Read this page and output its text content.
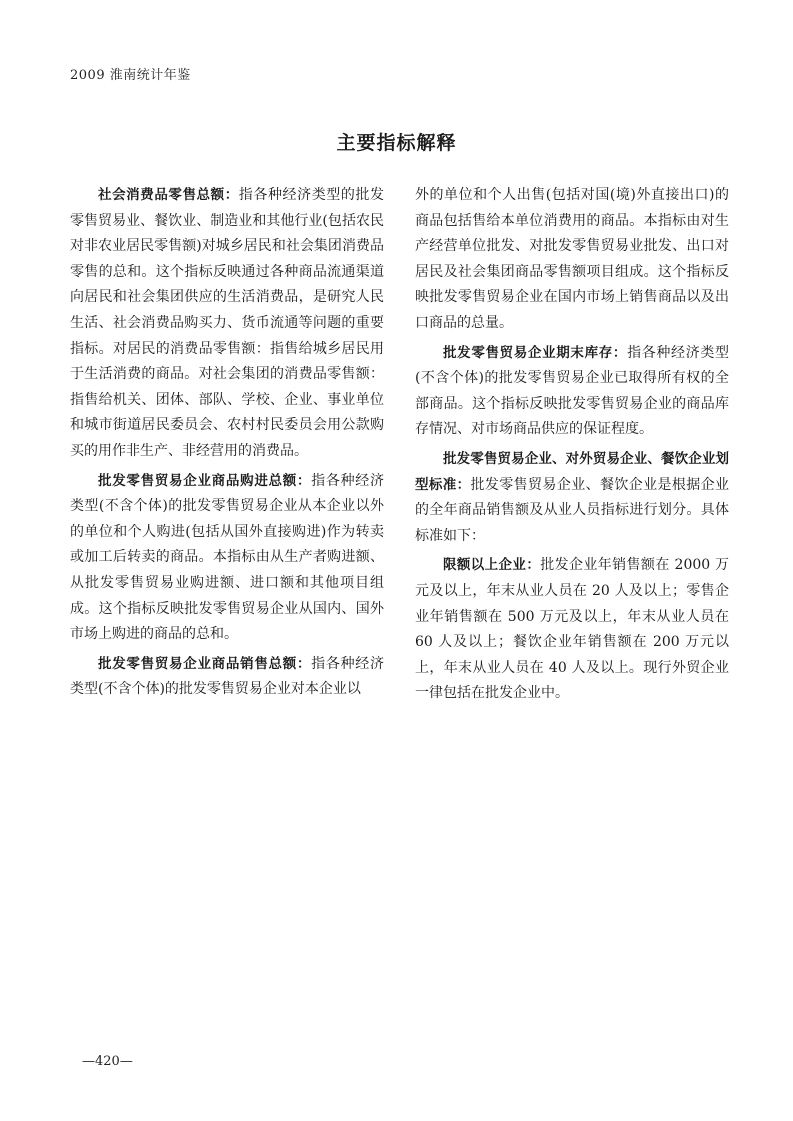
2009 淮南统计年鉴
主要指标解释

社会消费品零售总额：指各种经济类型的批发零售贸易业、餐饮业、制造业和其他行业(包括农民对非农业居民零售额)对城乡居民和社会集团消费品零售的总和。这个指标反映通过各种商品流通渠道向居民和社会集团供应的生活消费品，是研究人民生活、社会消费品购买力、货币流通等问题的重要指标。对居民的消费品零售额：指售给城乡居民用于生活消费的商品。对社会集团的消费品零售额：指售给机关、团体、部队、学校、企业、事业单位和城市街道居民委员会、农村村民委员会用公款购买的用作非生产、非经营用的消费品。

批发零售贸易企业商品购进总额：指各种经济类型(不含个体)的批发零售贸易企业从本企业以外的单位和个人购进(包括从国外直接购进)作为转卖或加工后转卖的商品。本指标由从生产者购进额、从批发零售贸易业购进额、进口额和其他项目组成。这个指标反映批发零售贸易企业从国内、国外市场上购进的商品的总和。

批发零售贸易企业商品销售总额：指各种经济类型(不含个体)的批发零售贸易企业对本企业以

外的单位和个人出售(包括对国(境)外直接出口)的商品包括售给本单位消费用的商品。本指标由对生产经营单位批发、对批发零售贸易业批发、出口对居民及社会集团商品零售额项目组成。这个指标反映批发零售贸易企业在国内市场上销售商品以及出口商品的总量。

批发零售贸易企业期末库存：指各种经济类型(不含个体)的批发零售贸易企业已取得所有权的全部商品。这个指标反映批发零售贸易企业的商品库存情况、对市场商品供应的保证程度。

批发零售贸易企业、对外贸易企业、餐饮企业划型标准：批发零售贸易企业、餐饮企业是根据企业的全年商品销售额及从业人员指标进行划分。具体标准如下：

限额以上企业：批发企业年销售额在 2000 万元及以上，年末从业人员在 20 人及以上；零售企业年销售额在 500 万元及以上，年末从业人员在 60 人及以上；餐饮企业年销售额在 200 万元以上，年末从业人员在 40 人及以上。现行外贸企业一律包括在批发企业中。

—420—
